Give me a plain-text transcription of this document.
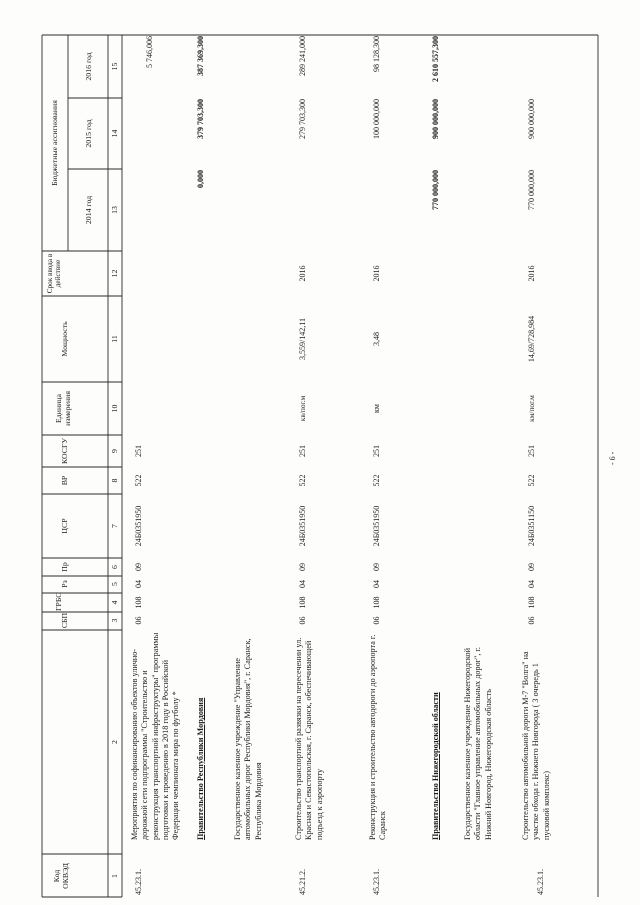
Код ОКВЭД
СБП
ГРБС
Рз
Пр
ЦСР
ВР
КОСГУ
Единица измерения
Мощность
Срок ввода в действие
Бюджетные ассигнования
2014 год
2015 год
2016 год
1
2
3
4
5
6
7
8
9
10
11
12
13
14
15
45.23.1.
Мероприятия по софинансированию объектов улично-дорожной сети подпрограммы "Строительство и реконструкция транспортной инфраструктуры" программы подготовки к проведению в 2018 году в Российской Федерации чемпионата мира по футболу *
06
108
04
09
24Б0351950
522
251
5 746,006
Правительство Республики Мордовия
0,000
379 703,300
387 369,300
Государственное казенное учреждение "Управление автомобильных дорог Республики Мордовия", г. Саранск, Республика Мордовия
45.21.2.
Строительство транспортной развязки на пересечении ул. Красная и Севастопольская, г. Саранск, обеспечивающей подъезд к аэропорту
06
108
04
09
24Б0351950
522
251
кв/пог.м
3,559/142,11
2016
279 703,300
289 241,000
45.23.1.
Реконструкция и строительство автодороги до аэропорта г. Саранск
06
108
04
09
24Б0351950
522
251
км
3,48
2016
100 000,000
98 128,300
Правительство Нижегородской области
770 000,000
900 000,000
2 610 557,300
Государственное казенное учреждение Нижегородской области "Главное управление автомобильных дорог", г. Нижний Новгород, Нижегородская область
45.23.1.
Строительство автомобильной дороги М-7 "Волга" на участке обхода г. Нижнего Новгорода ( 3 очередь 1 пусковой комплекс)
06
108
04
09
24Б0351150
522
251
км/пог.м
14,69/728,984
2016
770 000,000
900 000,000
- 6 -
